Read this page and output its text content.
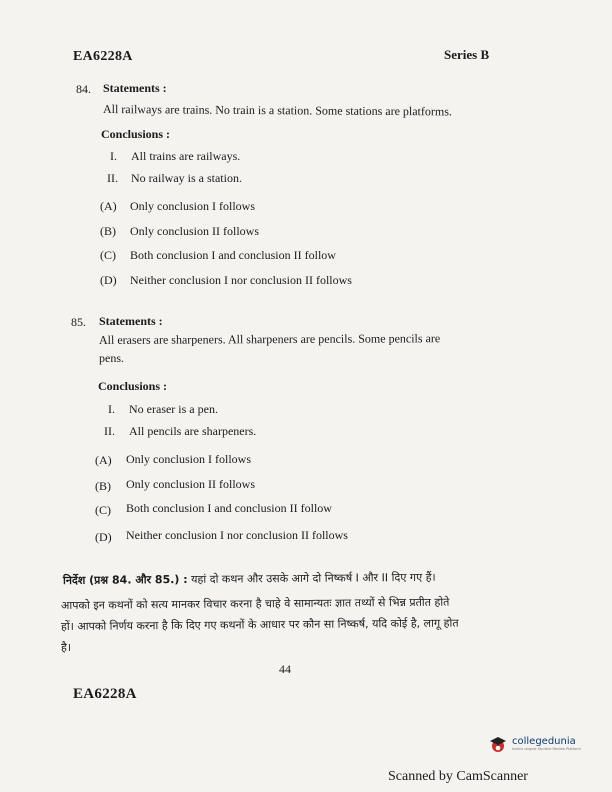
EA6228A	Series B
84. Statements :
All railways are trains. No train is a station. Some stations are platforms.
Conclusions :
I. All trains are railways.
II. No railway is a station.
(A) Only conclusion I follows
(B) Only conclusion II follows
(C) Both conclusion I and conclusion II follow
(D) Neither conclusion I nor conclusion II follows
85. Statements :
All erasers are sharpeners. All sharpeners are pencils. Some pencils are
pens.
Conclusions :
I. No eraser is a pen.
II. All pencils are sharpeners.
(A) Only conclusion I follows
(B) Only conclusion II follows
(C) Both conclusion I and conclusion II follow
(D) Neither conclusion I nor conclusion II follows
निर्देश (प्रश्न 84. और 85.) : यहां दो कथन और उसके आगे दो निष्कर्ष I और II दिए गए हैं।
आपको इन कथनों को सत्य मानकर विचार करना है चाहे वे सामान्यतः ज्ञात तथ्यों से भिन्न प्रतीत होते
हों। आपको निर्णय करना है कि दिए गए कथनों के आधार पर कौन सा निष्कर्ष, यदि कोई है, लागू होत
है।
44
EA6228A
collegedunia
India's largest Student Review Platform
Scanned by CamScanner
